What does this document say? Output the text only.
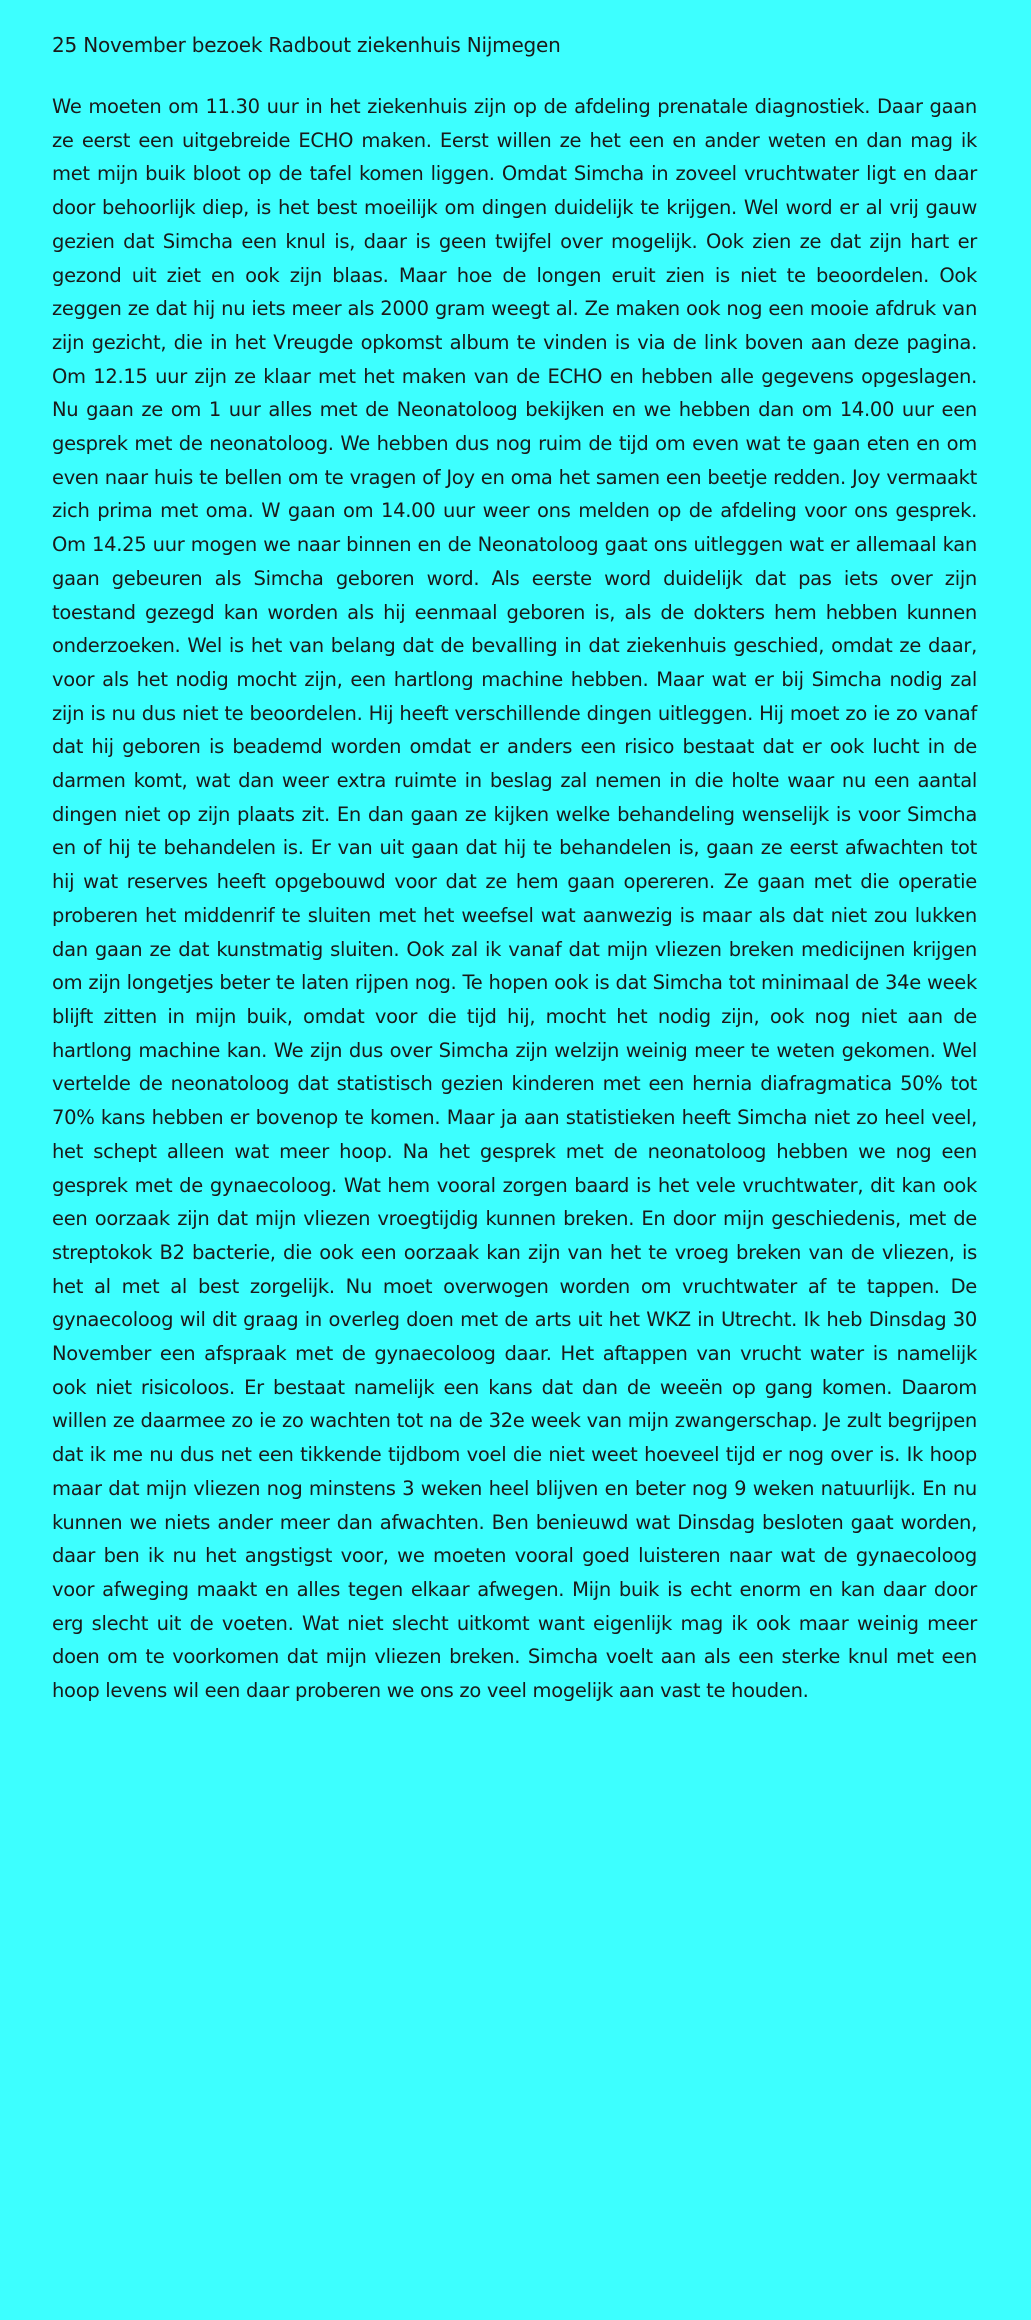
25 November bezoek Radbout ziekenhuis Nijmegen

We moeten om 11.30 uur in het ziekenhuis zijn op de afdeling prenatale diagnostiek. Daar gaan ze eerst een uitgebreide ECHO maken. Eerst willen ze het een en ander weten en dan mag ik met mijn buik bloot op de tafel komen liggen. Omdat Simcha in zoveel vruchtwater ligt en daar door behoorlijk diep, is het best moeilijk om dingen duidelijk te krijgen. Wel word er al vrij gauw gezien dat Simcha een knul is, daar is geen twijfel over mogelijk. Ook zien ze dat zijn hart er gezond uit ziet en ook zijn blaas. Maar hoe de longen eruit zien is niet te beoordelen. Ook zeggen ze dat hij nu iets meer als 2000 gram weegt al. Ze maken ook nog een mooie afdruk van zijn gezicht, die in het Vreugde opkomst album te vinden is via de link boven aan deze pagina. Om 12.15 uur zijn ze klaar met het maken van de ECHO en hebben alle gegevens opgeslagen. Nu gaan ze om 1 uur alles met de Neonatoloog bekijken en we hebben dan om 14.00 uur een gesprek met de neonatoloog. We hebben dus nog ruim de tijd om even wat te gaan eten en om even naar huis te bellen om te vragen of Joy en oma het samen een beetje redden. Joy vermaakt zich prima met oma. W gaan om 14.00 uur weer ons melden op de afdeling voor ons gesprek. Om 14.25 uur mogen we naar binnen en de Neonatoloog gaat ons uitleggen wat er allemaal kan gaan gebeuren als Simcha geboren word. Als eerste word duidelijk dat pas iets over zijn toestand gezegd kan worden als hij eenmaal geboren is, als de dokters hem hebben kunnen onderzoeken. Wel is het van belang dat de bevalling in dat ziekenhuis geschied, omdat ze daar, voor als het nodig mocht zijn, een hartlong machine hebben. Maar wat er bij Simcha nodig zal zijn is nu dus niet te beoordelen. Hij heeft verschillende dingen uitleggen. Hij moet zo ie zo vanaf dat hij geboren is beademd worden omdat er anders een risico bestaat dat er ook lucht in de darmen komt, wat dan weer extra ruimte in beslag zal nemen in die holte waar nu een aantal dingen niet op zijn plaats zit. En dan gaan ze kijken welke behandeling wenselijk is voor Simcha en of hij te behandelen is. Er van uit gaan dat hij te behandelen is, gaan ze eerst afwachten tot hij wat reserves heeft opgebouwd voor dat ze hem gaan opereren. Ze gaan met die operatie proberen het middenrif te sluiten met het weefsel wat aanwezig is maar als dat niet zou lukken dan gaan ze dat kunstmatig sluiten. Ook zal ik vanaf dat mijn vliezen breken medicijnen krijgen om zijn longetjes beter te laten rijpen nog. Te hopen ook is dat Simcha tot minimaal de 34e week blijft zitten in mijn buik, omdat voor die tijd hij, mocht het nodig zijn, ook nog niet aan de hartlong machine kan. We zijn dus over Simcha zijn welzijn weinig meer te weten gekomen. Wel vertelde de neonatoloog dat statistisch gezien kinderen met een hernia diafragmatica 50% tot 70% kans hebben er bovenop te komen. Maar ja aan statistieken heeft Simcha niet zo heel veel, het schept alleen wat meer hoop. Na het gesprek met de neonatoloog hebben we nog een gesprek met de gynaecoloog. Wat hem vooral zorgen baard is het vele vruchtwater, dit kan ook een oorzaak zijn dat mijn vliezen vroegtijdig kunnen breken. En door mijn geschiedenis, met de streptokok B2 bacterie, die ook een oorzaak kan zijn van het te vroeg breken van de vliezen, is het al met al best zorgelijk. Nu moet overwogen worden om vruchtwater af te tappen. De gynaecoloog wil dit graag in overleg doen met de arts uit het WKZ in Utrecht. Ik heb Dinsdag 30 November een afspraak met de gynaecoloog daar. Het aftappen van vrucht water is namelijk ook niet risicoloos. Er bestaat namelijk een kans dat dan de weeën op gang komen. Daarom willen ze daarmee zo ie zo wachten tot na de 32e week van mijn zwangerschap. Je zult begrijpen dat ik me nu dus net een tikkende tijdbom voel die niet weet hoeveel tijd er nog over is. Ik hoop maar dat mijn vliezen nog minstens 3 weken heel blijven en beter nog 9 weken natuurlijk. En nu kunnen we niets ander meer dan afwachten. Ben benieuwd wat Dinsdag besloten gaat worden, daar ben ik nu het angstigst voor, we moeten vooral goed luisteren naar wat de gynaecoloog voor afweging maakt en alles tegen elkaar afwegen. Mijn buik is echt enorm en kan daar door erg slecht uit de voeten. Wat niet slecht uitkomt want eigenlijk mag ik ook maar weinig meer doen om te voorkomen dat mijn vliezen breken. Simcha voelt aan als een sterke knul met een hoop levens wil een daar proberen we ons zo veel mogelijk aan vast te houden.
